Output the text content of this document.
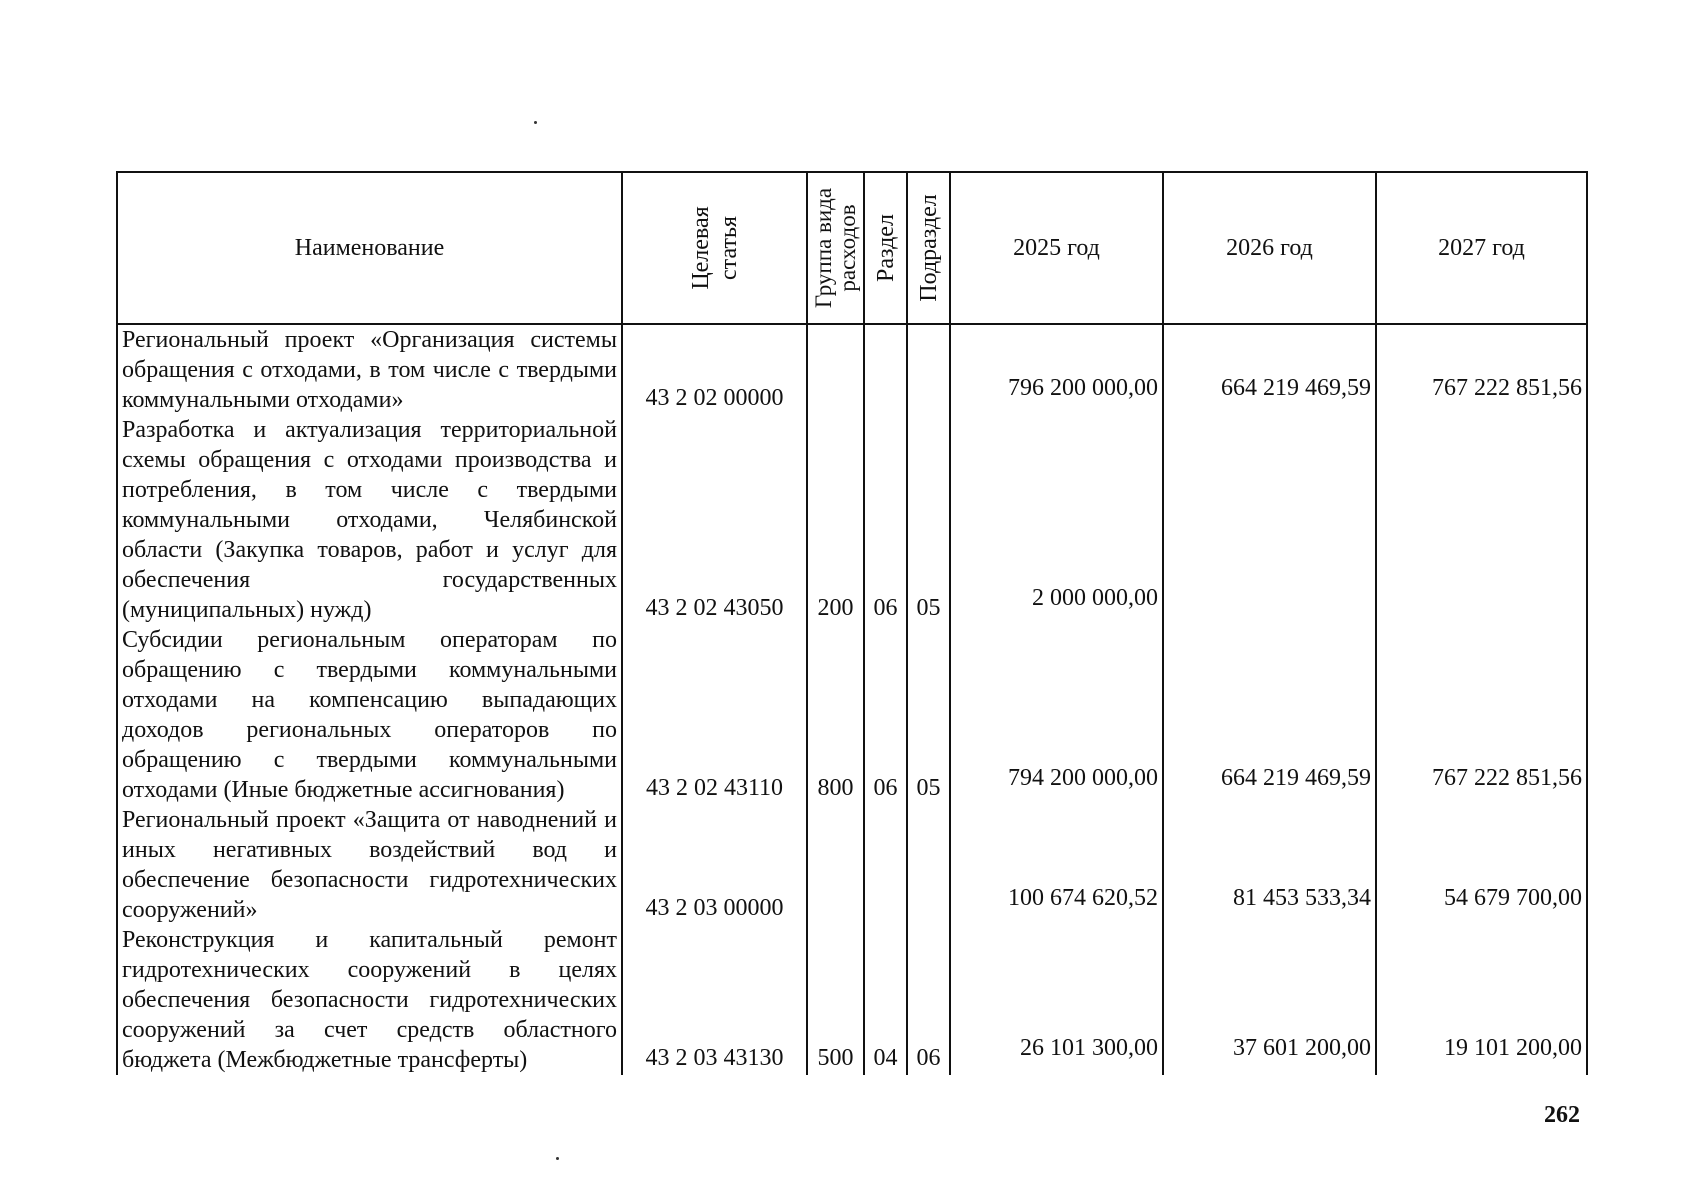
Наименование	Целевая статья	Группа вида расходов	Раздел	Подраздел	2025 год	2026 год	2027 год
Региональный проект «Организация системы обращения с отходами, в том числе с твердыми коммунальными отходами»	43 2 02 00000				796 200 000,00	664 219 469,59	767 222 851,56
Разработка и актуализация территориальной схемы обращения с отходами производства и потребления, в том числе с твердыми коммунальными отходами, Челябинской области (Закупка товаров, работ и услуг для обеспечения государственных (муниципальных) нужд)	43 2 02 43050	200	06	05	2 000 000,00		
Субсидии региональным операторам по обращению с твердыми коммунальными отходами на компенсацию выпадающих доходов региональных операторов по обращению с твердыми коммунальными отходами (Иные бюджетные ассигнования)	43 2 02 43110	800	06	05	794 200 000,00	664 219 469,59	767 222 851,56
Региональный проект «Защита от наводнений и иных негативных воздействий вод и обеспечение безопасности гидротехнических сооружений»	43 2 03 00000				100 674 620,52	81 453 533,34	54 679 700,00
Реконструкция и капитальный ремонт гидротехнических сооружений в целях обеспечения безопасности гидротехнических сооружений за счет средств областного бюджета (Межбюджетные трансферты)	43 2 03 43130	500	04	06	26 101 300,00	37 601 200,00	19 101 200,00
262
